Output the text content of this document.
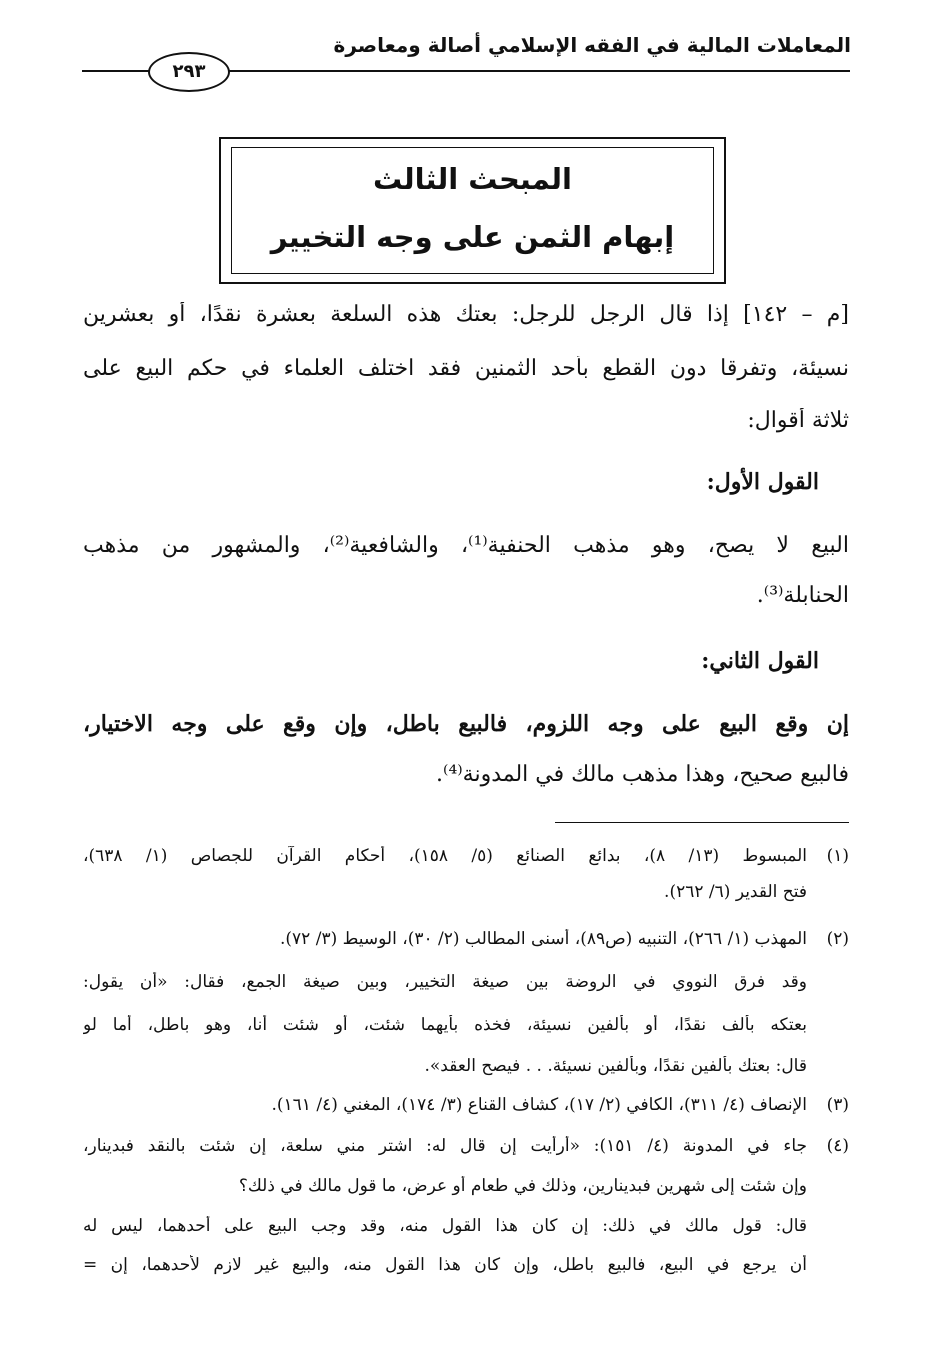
المعاملات المالية في الفقه الإسلامي أصالة ومعاصرة
٢٩٣
المبحث الثالث
إبهام الثمن على وجه التخيير
[م – ١٤٢] إذا قال الرجل للرجل: بعتك هذه السلعة بعشرة نقدًا، أو بعشرين
نسيئة، وتفرقا دون القطع بأحد الثمنين فقد اختلف العلماء في حكم البيع على
ثلاثة أقوال:
القول الأول:
البيع لا يصح، وهو مذهب الحنفية⁽¹⁾، والشافعية⁽²⁾، والمشهور من مذهب
الحنابلة⁽³⁾.
القول الثاني:
إن وقع البيع على وجه اللزوم، فالبيع باطل، وإن وقع على وجه الاختيار،
فالبيع صحيح، وهذا مذهب مالك في المدونة⁽⁴⁾.
(١)
المبسوط (١٣/ ٨)، بدائع الصنائع (٥/ ١٥٨)، أحكام القرآن للجصاص (١/ ٦٣٨)،
فتح القدير (٦/ ٢٦٢).
(٢)
المهذب (١/ ٢٦٦)، التنبيه (ص٨٩)، أسنى المطالب (٢/ ٣٠)، الوسيط (٣/ ٧٢).
وقد فرق النووي في الروضة بين صيغة التخيير، وبين صيغة الجمع، فقال: «أن يقول:
بعتكه بألف نقدًا، أو بألفين نسيئة، فخذه بأيهما شئت، أو شئت أنا، وهو باطل، أما لو
قال: بعتك بألفين نقدًا، وبألفين نسيئة. . . فيصح العقد».
(٣)
الإنصاف (٤/ ٣١١)، الكافي (٢/ ١٧)، كشاف القناع (٣/ ١٧٤)، المغني (٤/ ١٦١).
(٤)
جاء في المدونة (٤/ ١٥١): «أرأيت إن قال له: اشتر مني سلعة، إن شئت بالنقد فبدينار،
وإن شئت إلى شهرين فبدينارين، وذلك في طعام أو عرض، ما قول مالك في ذلك؟
قال: قول مالك في ذلك: إن كان هذا القول منه، وقد وجب البيع على أحدهما، ليس له
أن يرجع في البيع، فالبيع باطل، وإن كان هذا القول منه، والبيع غير لازم لأحدهما، إن =
